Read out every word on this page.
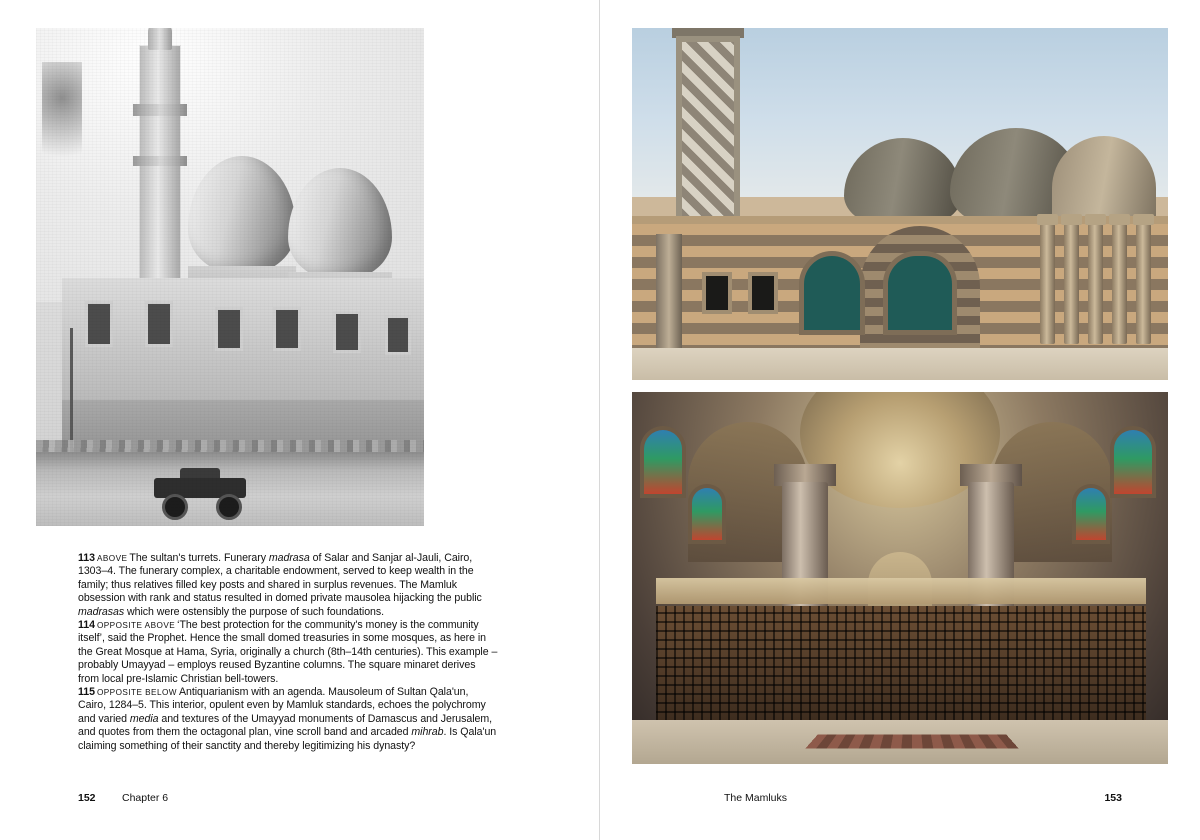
113 ABOVE The sultan's turrets. Funerary madrasa of Salar and Sanjar al-Jauli, Cairo, 1303–4. The funerary complex, a charitable endowment, served to keep wealth in the family; thus relatives filled key posts and shared in surplus revenues. The Mamluk obsession with rank and status resulted in domed private mausolea hijacking the public madrasas which were ostensibly the purpose of such foundations.

114 OPPOSITE ABOVE ‘The best protection for the community's money is the community itself’, said the Prophet. Hence the small domed treasuries in some mosques, as here in the Great Mosque at Hama, Syria, originally a church (8th–14th centuries). This example – probably Umayyad – employs reused Byzantine columns. The square minaret derives from local pre-Islamic Christian bell-towers.

115 OPPOSITE BELOW Antiquarianism with an agenda. Mausoleum of Sultan Qala'un, Cairo, 1284–5. This interior, opulent even by Mamluk standards, echoes the polychromy and varied media and textures of the Umayyad monuments of Damascus and Jerusalem, and quotes from them the octagonal plan, vine scroll band and arcaded mihrab. Is Qala'un claiming something of their sanctity and thereby legitimizing his dynasty?

152	Chapter 6	The Mamluks	153
